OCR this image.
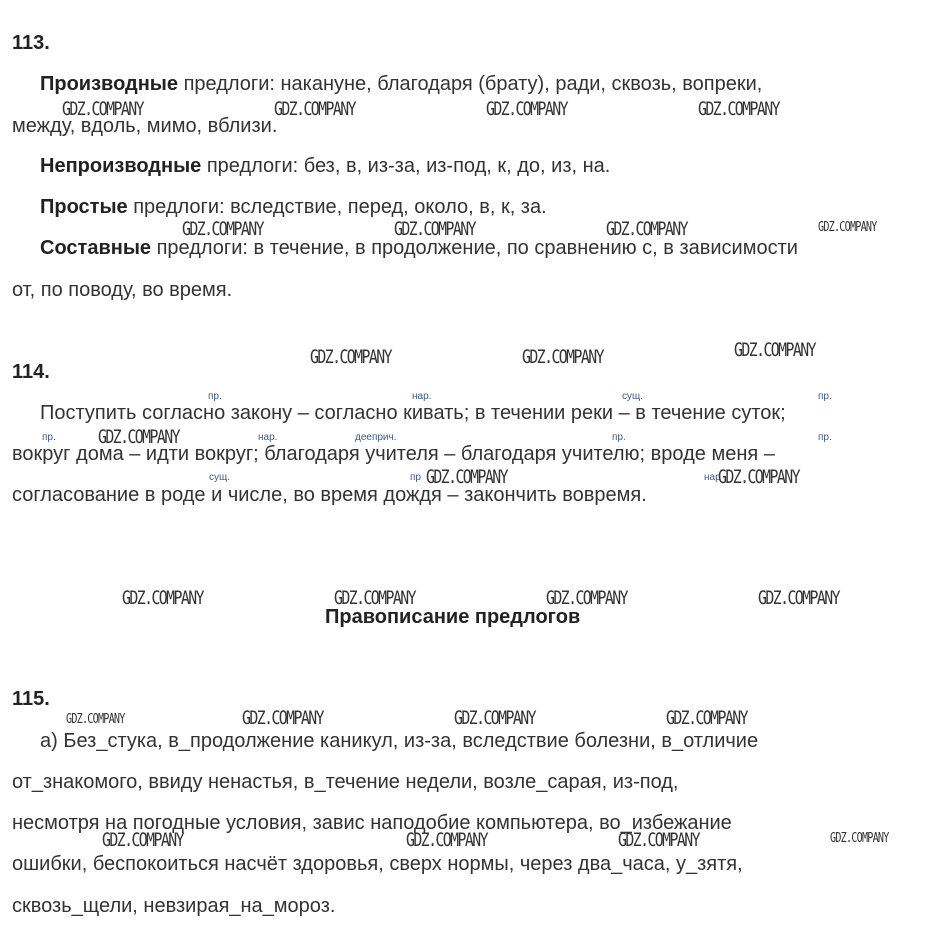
113.
Производные предлоги: накануне, благодаря (брату), ради, сквозь, вопреки,
между, вдоль, мимо, вблизи.
Непроизводные предлоги: без, в, из-за, из-под, к, до, из, на.
Простые предлоги: вследствие, перед, около, в, к, за.
Составные предлоги: в течение, в продолжение, по сравнению с, в зависимости
от, по поводу, во время.
114.
пр.	нар.	сущ.	пр.
Поступить согласно закону – согласно кивать; в течении реки – в течение суток;
пр.	нар.	дееприч.	пр.	пр.
вокруг дома – идти вокруг; благодаря учителя – благодаря учителю; вроде меня –
сущ.	пр	нар
согласование в роде и числе, во время дождя – закончить вовремя.
Правописание предлогов
115.
а) Без_стука, в_продолжение каникул, из-за, вследствие болезни, в_отличие
от_знакомого, ввиду ненастья, в_течение недели, возле_сарая, из-под,
несмотря на погодные условия, завис наподобие компьютера, во_избежание
ошибки, беспокоиться насчёт здоровья, сверх нормы, через два_часа, у_зятя,
сквозь_щели, невзирая_на_мороз.
GDZ.COMPANY	GDZ.COMPANY	GDZ.COMPANY	GDZ.COMPANY
GDZ.COMPANY	GDZ.COMPANY	GDZ.COMPANY	GDZ.COMPANY
GDZ.COMPANY	GDZ.COMPANY	GDZ.COMPANY
GDZ.COMPANY
GDZ.COMPANY	GDZ.COMPANY
GDZ.COMPANY	GDZ.COMPANY	GDZ.COMPANY	GDZ.COMPANY
GDZ.COMPANY	GDZ.COMPANY	GDZ.COMPANY	GDZ.COMPANY
GDZ.COMPANY	GDZ.COMPANY	GDZ.COMPANY	GDZ.COMPANY
